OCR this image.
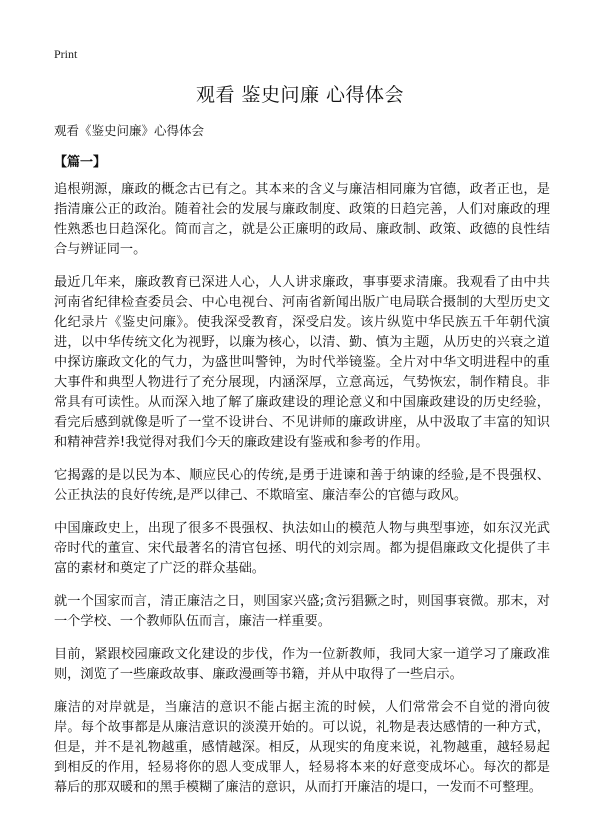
Print
观看 鉴史问廉 心得体会
观看《鉴史问廉》心得体会
【篇一】

追根朔源，廉政的概念古已有之。其本来的含义与廉洁相同廉为官德，政者正也，是指清廉公正的政治。随着社会的发展与廉政制度、政策的日趋完善，人们对廉政的理性熟悉也日趋深化。简而言之，就是公正廉明的政局、廉政制、政策、政德的良性结合与辨证同一。

最近几年来，廉政教育已深进人心，人人讲求廉政，事事要求清廉。我观看了由中共河南省纪律检查委员会、中心电视台、河南省新闻出版广电局联合摄制的大型历史文化纪录片《鉴史问廉》。使我深受教育，深受启发。该片纵览中华民族五千年朝代演进，以中华传统文化为视野，以廉为核心，以清、勤、慎为主题，从历史的兴衰之道中探访廉政文化的气力，为盛世叫警钟，为时代举镜鉴。全片对中华文明进程中的重大事件和典型人物进行了充分展现，内涵深厚，立意高远，气势恢宏，制作精良。非常具有可读性。从而深入地了解了廉政建设的理论意义和中国廉政建设的历史经验，看完后感到就像是听了一堂不设讲台、不见讲师的廉政讲座，从中汲取了丰富的知识和精神营养!我觉得对我们今天的廉政建设有鉴戒和参考的作用。

它揭露的是以民为本、顺应民心的传统,是勇于进谏和善于纳谏的经验,是不畏强权、公正执法的良好传统,是严以律己、不欺暗室、廉洁奉公的官德与政风。

中国廉政史上，出现了很多不畏强权、执法如山的模范人物与典型事迹，如东汉光武帝时代的董宣、宋代最著名的清官包拯、明代的刘宗周。都为提倡廉政文化提供了丰富的素材和奠定了广泛的群众基础。

就一个国家而言，清正廉洁之日，则国家兴盛;贪污猖獗之时，则国事衰微。那末，对一个学校、一个教师队伍而言，廉洁一样重要。

目前，紧跟校园廉政文化建设的步伐，作为一位新教师，我同大家一道学习了廉政准则，浏览了一些廉政故事、廉政漫画等书籍，并从中取得了一些启示。

廉洁的对岸就是，当廉洁的意识不能占据主流的时候，人们常常会不自觉的滑向彼岸。每个故事都是从廉洁意识的淡漠开始的。可以说，礼物是表达感情的一种方式，但是，并不是礼物越重，感情越深。相反，从现实的角度来说，礼物越重，越轻易起到相反的作用，轻易将你的恩人变成罪人，轻易将本来的好意变成坏心。每次的都是幕后的那双暖和的黑手模糊了廉洁的意识，从而打开廉洁的堤口，一发而不可整理。
